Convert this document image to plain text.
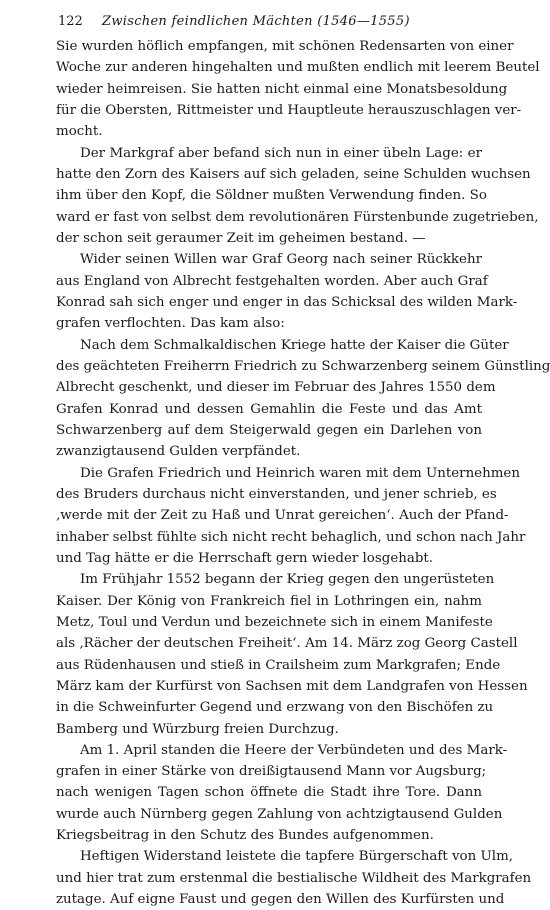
122 Zwischen feindlichen Mächten (1546—1555)
Sie wurden höflich empfangen, mit schönen Redensarten von einer
Woche zur anderen hingehalten und mußten endlich mit leerem Beutel
wieder heimreisen. Sie hatten nicht einmal eine Monatsbesoldung
für die Obersten, Rittmeister und Hauptleute herauszuschlagen ver-
mocht.
Der Markgraf aber befand sich nun in einer übeln Lage: er
hatte den Zorn des Kaisers auf sich geladen, seine Schulden wuchsen
ihm über den Kopf, die Söldner mußten Verwendung finden. So
ward er fast von selbst dem revolutionären Fürstenbunde zugetrieben,
der schon seit geraumer Zeit im geheimen bestand. —
Wider seinen Willen war Graf Georg nach seiner Rückkehr
aus England von Albrecht festgehalten worden. Aber auch Graf
Konrad sah sich enger und enger in das Schicksal des wilden Mark-
grafen verflochten. Das kam also:
Nach dem Schmalkaldischen Kriege hatte der Kaiser die Güter
des geächteten Freiherrn Friedrich zu Schwarzenberg seinem Günstling
Albrecht geschenkt, und dieser im Februar des Jahres 1550 dem
Grafen Konrad und dessen Gemahlin die Feste und das Amt
Schwarzenberg auf dem Steigerwald gegen ein Darlehen von
zwanzigtausend Gulden verpfändet.
Die Grafen Friedrich und Heinrich waren mit dem Unternehmen
des Bruders durchaus nicht einverstanden, und jener schrieb, es
‚werde mit der Zeit zu Haß und Unrat gereichen‘. Auch der Pfand-
inhaber selbst fühlte sich nicht recht behaglich, und schon nach Jahr
und Tag hätte er die Herrschaft gern wieder losgehabt.
Im Frühjahr 1552 begann der Krieg gegen den ungerüsteten
Kaiser. Der König von Frankreich fiel in Lothringen ein, nahm
Metz, Toul und Verdun und bezeichnete sich in einem Manifeste
als ‚Rächer der deutschen Freiheit‘. Am 14. März zog Georg Castell
aus Rüdenhausen und stieß in Crailsheim zum Markgrafen; Ende
März kam der Kurfürst von Sachsen mit dem Landgrafen von Hessen
in die Schweinfurter Gegend und erzwang von den Bischöfen zu
Bamberg und Würzburg freien Durchzug.
Am 1. April standen die Heere der Verbündeten und des Mark-
grafen in einer Stärke von dreißigtausend Mann vor Augsburg;
nach wenigen Tagen schon öffnete die Stadt ihre Tore. Dann
wurde auch Nürnberg gegen Zahlung von achtzigtausend Gulden
Kriegsbeitrag in den Schutz des Bundes aufgenommen.
Heftigen Widerstand leistete die tapfere Bürgerschaft von Ulm,
und hier trat zum erstenmal die bestialische Wildheit des Markgrafen
zutage. Auf eigne Faust und gegen den Willen des Kurfürsten und
